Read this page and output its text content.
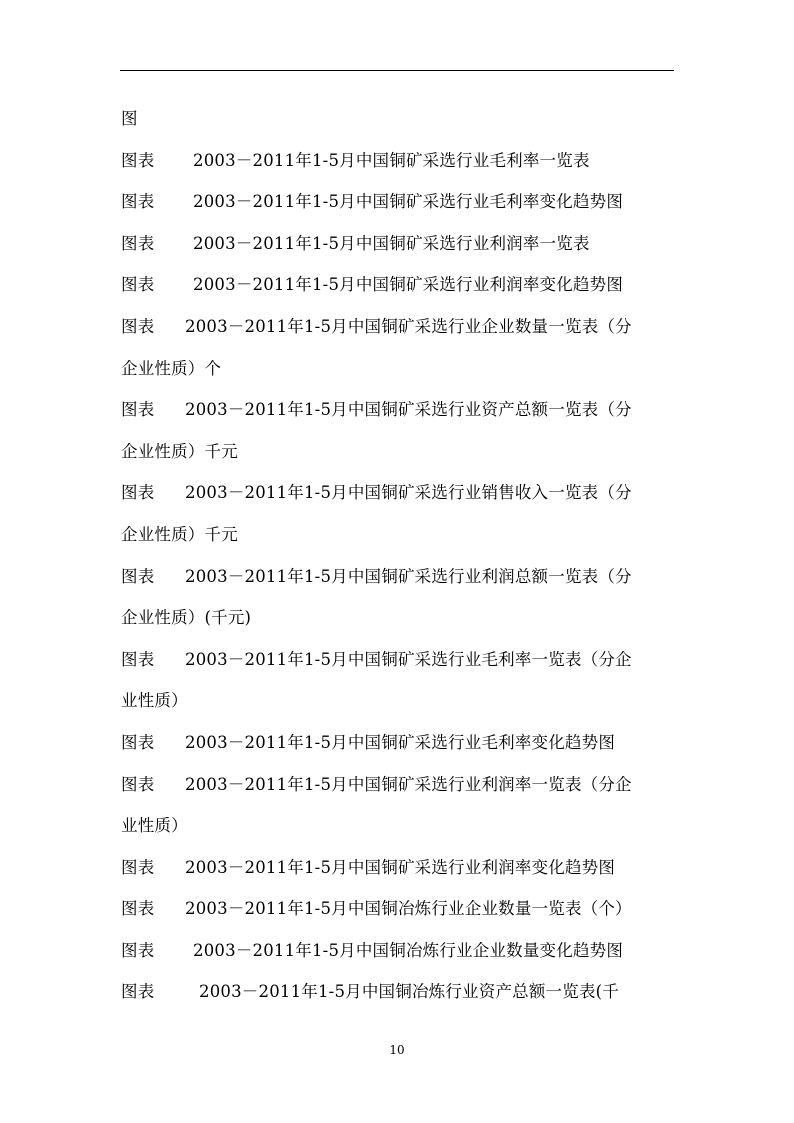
图
图表 2003－2011年1-5月中国铜矿采选行业毛利率一览表
图表 2003－2011年1-5月中国铜矿采选行业毛利率变化趋势图
图表 2003－2011年1-5月中国铜矿采选行业利润率一览表
图表 2003－2011年1-5月中国铜矿采选行业利润率变化趋势图
图表 2003－2011年1-5月中国铜矿采选行业企业数量一览表（分
企业性质）个
图表 2003－2011年1-5月中国铜矿采选行业资产总额一览表（分
企业性质）千元
图表 2003－2011年1-5月中国铜矿采选行业销售收入一览表（分
企业性质）千元
图表 2003－2011年1-5月中国铜矿采选行业利润总额一览表（分
企业性质）(千元)
图表 2003－2011年1-5月中国铜矿采选行业毛利率一览表（分企
业性质）
图表 2003－2011年1-5月中国铜矿采选行业毛利率变化趋势图
图表 2003－2011年1-5月中国铜矿采选行业利润率一览表（分企
业性质）
图表 2003－2011年1-5月中国铜矿采选行业利润率变化趋势图
图表 2003－2011年1-5月中国铜冶炼行业企业数量一览表（个）
图表 2003－2011年1-5月中国铜冶炼行业企业数量变化趋势图
图表	2003－2011年1-5月中国铜冶炼行业资产总额一览表(千
10
